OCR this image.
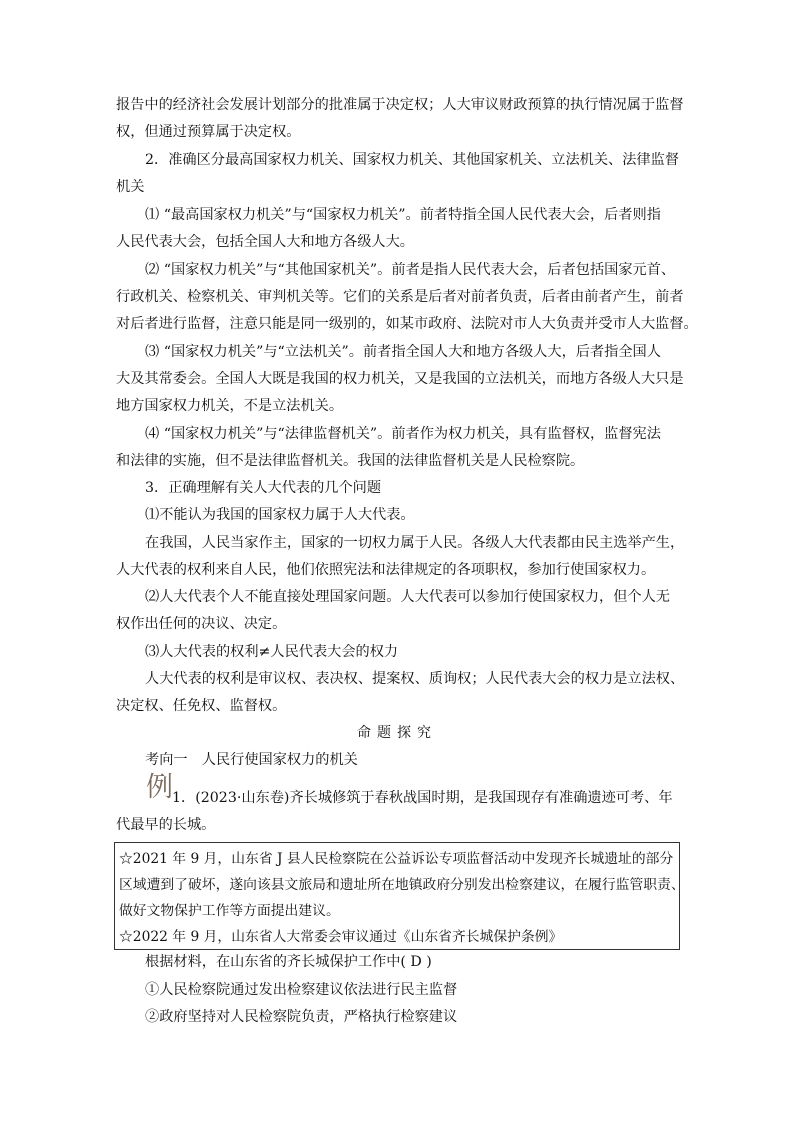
报告中的经济社会发展计划部分的批准属于决定权；人大审议财政预算的执行情况属于监督
权，但通过预算属于决定权。
2．准确区分最高国家权力机关、国家权力机关、其他国家机关、立法机关、法律监督
机关
⑴ “最高国家权力机关”与“国家权力机关”。前者特指全国人民代表大会，后者则指
人民代表大会，包括全国人大和地方各级人大。
⑵ “国家权力机关”与“其他国家机关”。前者是指人民代表大会，后者包括国家元首、
行政机关、检察机关、审判机关等。它们的关系是后者对前者负责，后者由前者产生，前者
对后者进行监督，注意只能是同一级别的，如某市政府、法院对市人大负责并受市人大监督。
⑶ “国家权力机关”与“立法机关”。前者指全国人大和地方各级人大，后者指全国人
大及其常委会。全国人大既是我国的权力机关，又是我国的立法机关，而地方各级人大只是
地方国家权力机关，不是立法机关。
⑷ “国家权力机关”与“法律监督机关”。前者作为权力机关，具有监督权，监督宪法
和法律的实施，但不是法律监督机关。我国的法律监督机关是人民检察院。
3．正确理解有关人大代表的几个问题
⑴不能认为我国的国家权力属于人大代表。
在我国，人民当家作主，国家的一切权力属于人民。各级人大代表都由民主选举产生，
人大代表的权利来自人民，他们依照宪法和法律规定的各项职权，参加行使国家权力。
⑵人大代表个人不能直接处理国家问题。人大代表可以参加行使国家权力，但个人无
权作出任何的决议、决定。
⑶人大代表的权利≠人民代表大会的权力
人大代表的权利是审议权、表决权、提案权、质询权；人民代表大会的权力是立法权、
决定权、任免权、监督权。
命题探究
考向一　人民行使国家权力的机关
例 1．(2023·山东卷)齐长城修筑于春秋战国时期，是我国现存有准确遗迹可考、年
代最早的长城。
☆2021 年 9 月，山东省 J 县人民检察院在公益诉讼专项监督活动中发现齐长城遗址的部分
区域遭到了破坏，遂向该县文旅局和遗址所在地镇政府分别发出检察建议，在履行监管职责、
做好文物保护工作等方面提出建议。
☆2022 年 9 月，山东省人大常委会审议通过《山东省齐长城保护条例》
根据材料，在山东省的齐长城保护工作中( D )
①人民检察院通过发出检察建议依法进行民主监督
②政府坚持对人民检察院负责，严格执行检察建议
